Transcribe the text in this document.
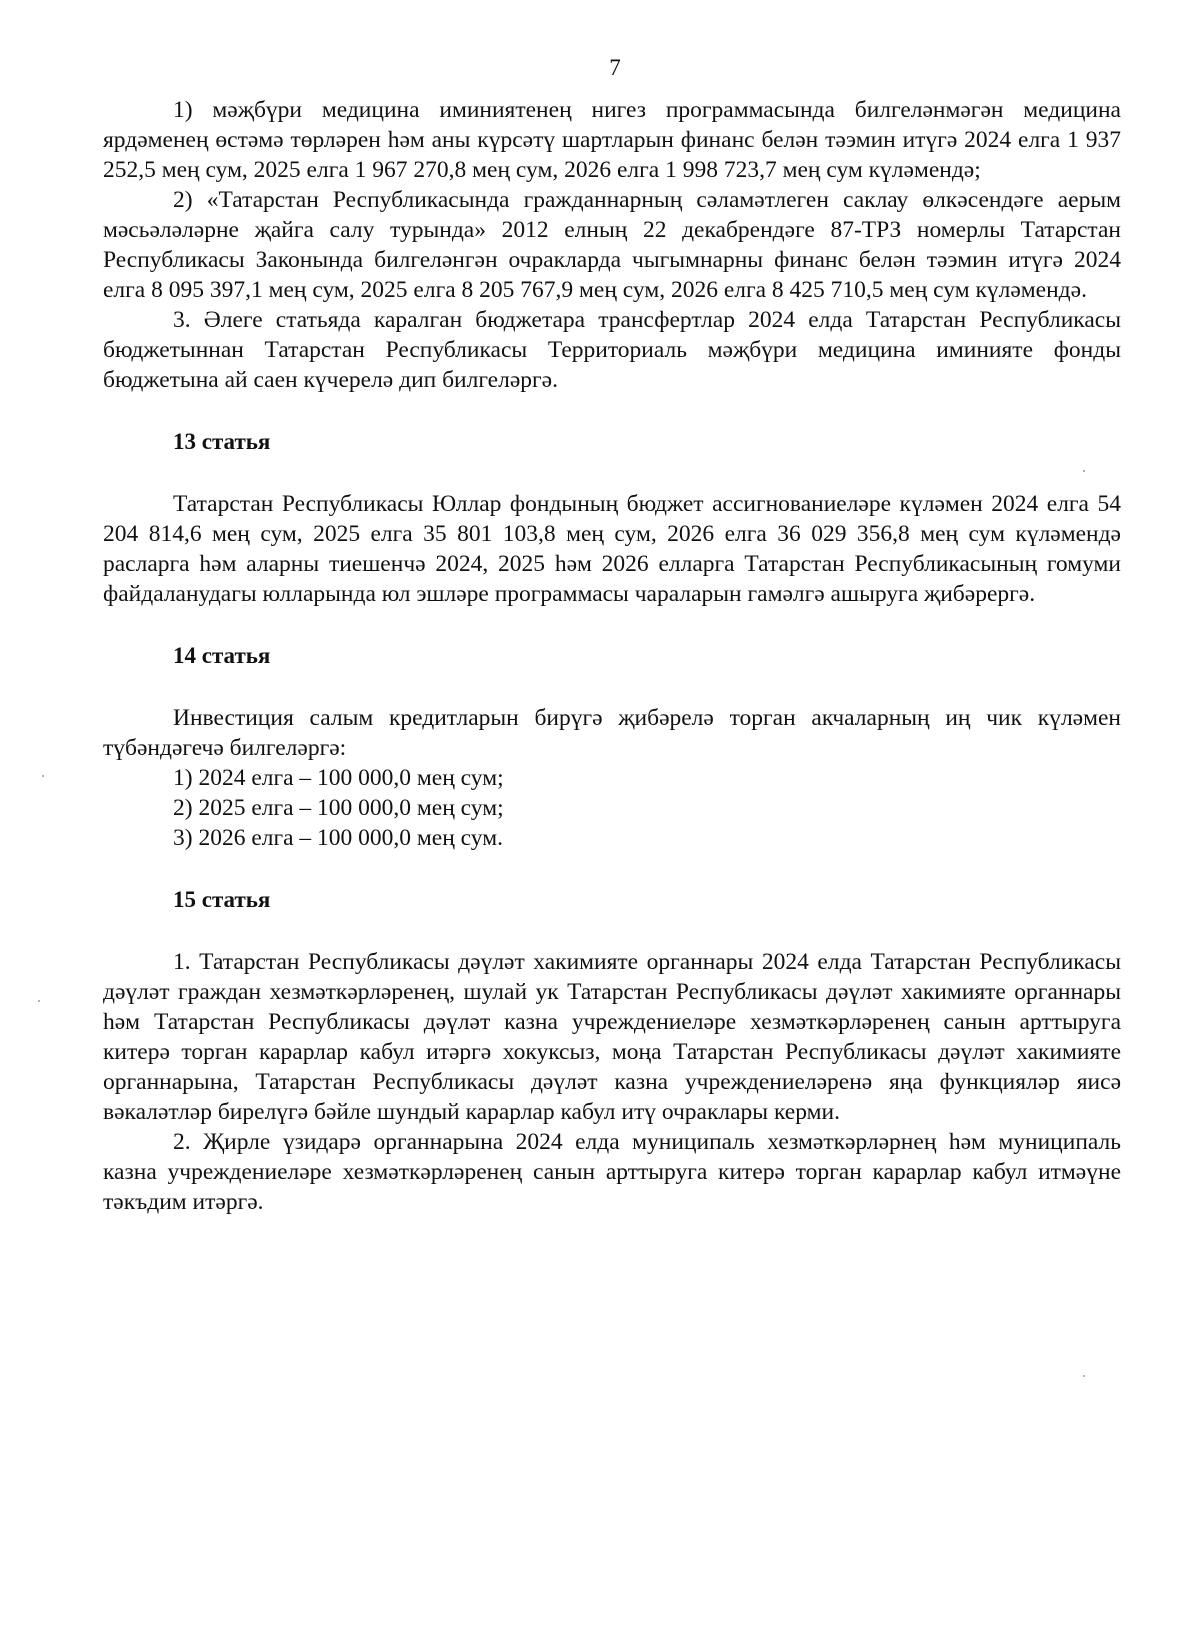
7

1) мәҗбүри медицина иминиятенең нигез программасында билгеләнмәгән медицина ярдәменең өстәмә төрләрен һәм аны күрсәтү шартларын финанс белән тәэмин итүгә 2024 елга 1 937 252,5 мең сум, 2025 елга 1 967 270,8 мең сум, 2026 елга 1 998 723,7 мең сум күләмендә;

2) «Татарстан Республикасында гражданнарның сәламәтлеген саклау өлкәсендәге аерым мәсьәләләрне җайга салу турында» 2012 елның 22 декабрендәге 87-ТРЗ номерлы Татарстан Республикасы Законында билгеләнгән очракларда чыгымнарны финанс белән тәэмин итүгә 2024 елга 8 095 397,1 мең сум, 2025 елга 8 205 767,9 мең сум, 2026 елга 8 425 710,5 мең сум күләмендә.

3. Әлеге статьяда каралган бюджетара трансфертлар 2024 елда Татарстан Республикасы бюджетыннан Татарстан Республикасы Территориаль мәҗбүри медицина иминияте фонды бюджетына ай саен күчерелә дип билгеләргә.

13 статья

Татарстан Республикасы Юллар фондының бюджет ассигнованиеләре күләмен 2024 елга 54 204 814,6 мең сум, 2025 елга 35 801 103,8 мең сум, 2026 елга 36 029 356,8 мең сум күләмендә расларга һәм аларны тиешенчә 2024, 2025 һәм 2026 елларга Татарстан Республикасының гомуми файдаланудагы юлларында юл эшләре программасы чараларын гамәлгә ашыруга җибәрергә.

14 статья

Инвестиция салым кредитларын бирүгә җибәрелә торган акчаларның иң чик күләмен түбәндәгечә билгеләргә:

1) 2024 елга – 100 000,0 мең сум;

2) 2025 елга – 100 000,0 мең сум;

3) 2026 елга – 100 000,0 мең сум.

15 статья

1. Татарстан Республикасы дәүләт хакимияте органнары 2024 елда Татарстан Республикасы дәүләт граждан хезмәткәрләренең, шулай ук Татарстан Республикасы дәүләт хакимияте органнары һәм Татарстан Республикасы дәүләт казна учреждениеләре хезмәткәрләренең санын арттыруга китерә торган карарлар кабул итәргә хокуксыз, моңа Татарстан Республикасы дәүләт хакимияте органнарына, Татарстан Республикасы дәүләт казна учреждениеләренә яңа функцияләр яисә вәкаләтләр бирелүгә бәйле шундый карарлар кабул итү очраклары керми.

2. Җирле үзидарә органнарына 2024 елда муниципаль хезмәткәрләрнең һәм муниципаль казна учреждениеләре хезмәткәрләренең санын арттыруга китерә торган карарлар кабул итмәүне тәкъдим итәргә.
